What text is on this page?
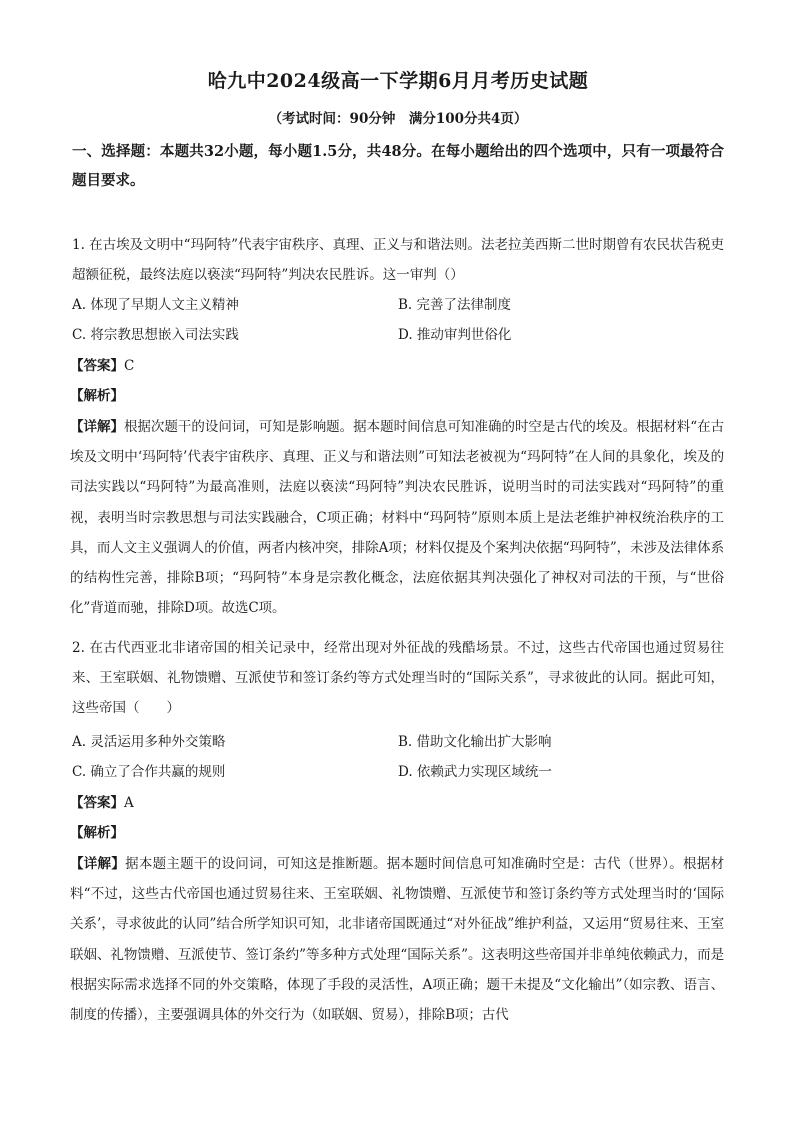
哈九中2024级高一下学期6月月考历史试题
（考试时间：90分钟　满分100分共4页）
一、选择题：本题共32小题，每小题1.5分，共48分。在每小题给出的四个选项中，只有一项最符合题目要求。
1. 在古埃及文明中“玛阿特”代表宇宙秩序、真理、正义与和谐法则。法老拉美西斯二世时期曾有农民状告税吏超额征税，最终法庭以亵渎“玛阿特”判决农民胜诉。这一审判（）
A. 体现了早期人文主义精神	B. 完善了法律制度
C. 将宗教思想嵌入司法实践	D. 推动审判世俗化
【答案】C
【解析】
【详解】根据次题干的设问词，可知是影响题。据本题时间信息可知准确的时空是古代的埃及。根据材料“在古埃及文明中‘玛阿特’代表宇宙秩序、真理、正义与和谐法则”可知法老被视为“玛阿特”在人间的具象化，埃及的司法实践以“玛阿特”为最高准则，法庭以亵渎“玛阿特”判决农民胜诉，说明当时的司法实践对“玛阿特”的重视，表明当时宗教思想与司法实践融合，C项正确；材料中“玛阿特”原则本质上是法老维护神权统治秩序的工具，而人文主义强调人的价值，两者内核冲突，排除A项；材料仅提及个案判决依据“玛阿特”，未涉及法律体系的结构性完善，排除B项；“玛阿特”本身是宗教化概念，法庭依据其判决强化了神权对司法的干预，与“世俗化”背道而驰，排除D项。故选C项。
2. 在古代西亚北非诸帝国的相关记录中，经常出现对外征战的残酷场景。不过，这些古代帝国也通过贸易往来、王室联姻、礼物馈赠、互派使节和签订条约等方式处理当时的“国际关系”，寻求彼此的认同。据此可知，这些帝国（　　）
A. 灵活运用多种外交策略	B. 借助文化输出扩大影响
C. 确立了合作共赢的规则	D. 依赖武力实现区域统一
【答案】A
【解析】
【详解】据本题主题干的设问词，可知这是推断题。据本题时间信息可知准确时空是：古代（世界）。根据材料“不过，这些古代帝国也通过贸易往来、王室联姻、礼物馈赠、互派使节和签订条约等方式处理当时的‘国际关系’，寻求彼此的认同”结合所学知识可知，北非诸帝国既通过“对外征战”维护利益，又运用“贸易往来、王室联姻、礼物馈赠、互派使节、签订条约”等多种方式处理“国际关系”。这表明这些帝国并非单纯依赖武力，而是根据实际需求选择不同的外交策略，体现了手段的灵活性，A项正确；题干未提及“文化输出”（如宗教、语言、制度的传播），主要强调具体的外交行为（如联姻、贸易），排除B项；古代
